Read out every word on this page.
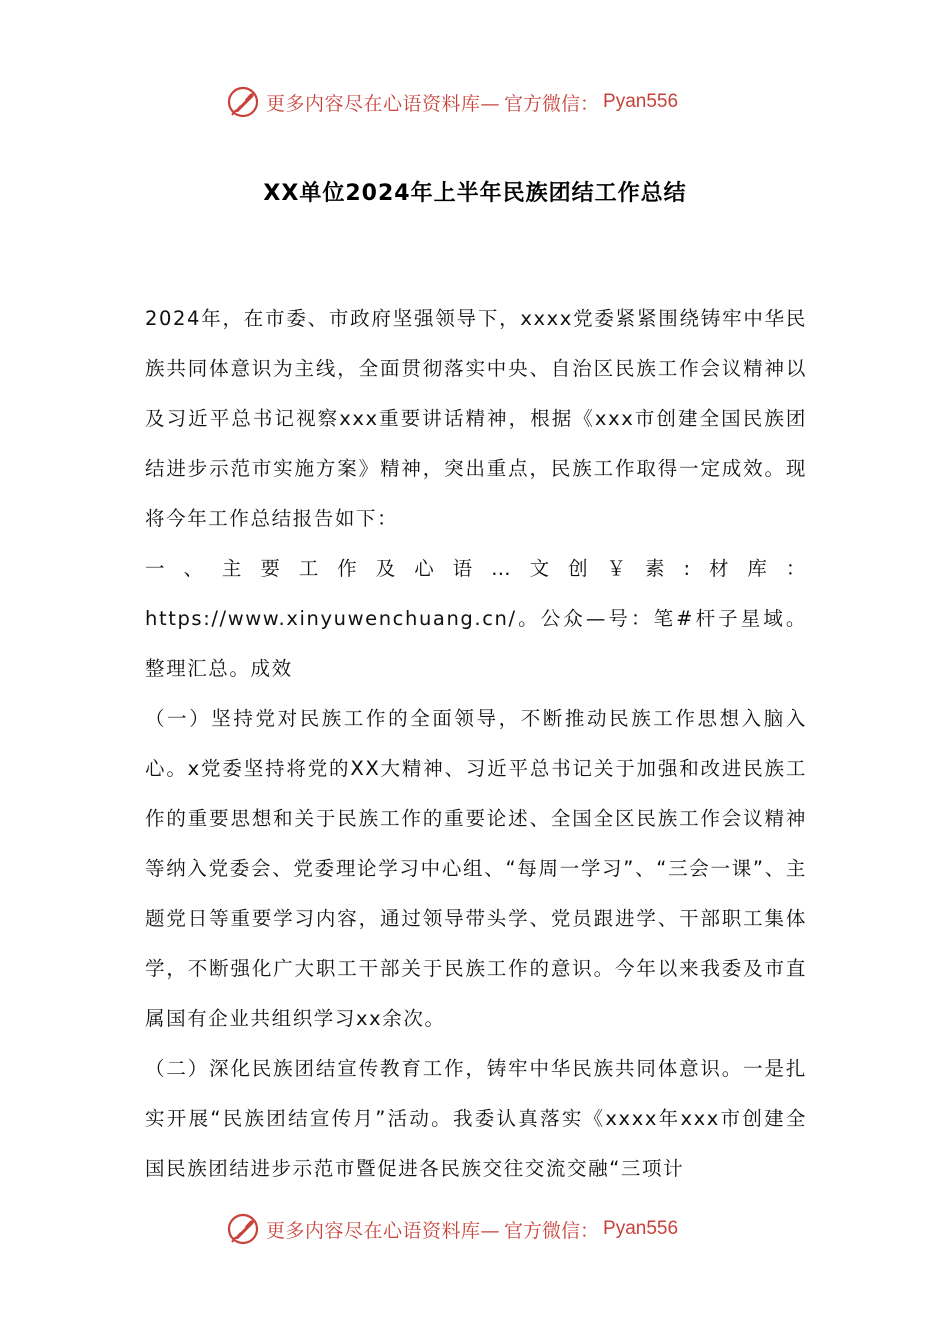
更多内容尽在心语资料库— 官方微信： Pyan556
XX单位2024年上半年民族团结工作总结

2024年，在市委、市政府坚强领导下，xxxx党委紧紧围绕铸牢中华民族共同体意识为主线，全面贯彻落实中央、自治区民族工作会议精神以及习近平总书记视察xxx重要讲话精神，根据《xxx市创建全国民族团结进步示范市实施方案》精神，突出重点，民族工作取得一定成效。现将今年工作总结报告如下：

一、主要工作及心语…文创￥素:材库：https://www.xinyuwenchuang.cn/。公众—号：笔#杆子星域。整理汇总。成效

（一）坚持党对民族工作的全面领导，不断推动民族工作思想入脑入心。x党委坚持将党的XX大精神、习近平总书记关于加强和改进民族工作的重要思想和关于民族工作的重要论述、全国全区民族工作会议精神等纳入党委会、党委理论学习中心组、“每周一学习”、“三会一课”、主题党日等重要学习内容，通过领导带头学、党员跟进学、干部职工集体学，不断强化广大职工干部关于民族工作的意识。今年以来我委及市直属国有企业共组织学习xx余次。

（二）深化民族团结宣传教育工作，铸牢中华民族共同体意识。一是扎实开展“民族团结宣传月”活动。我委认真落实《xxxx年xxx市创建全国民族团结进步示范市暨促进各民族交往交流交融“三项计

更多内容尽在心语资料库— 官方微信： Pyan556
